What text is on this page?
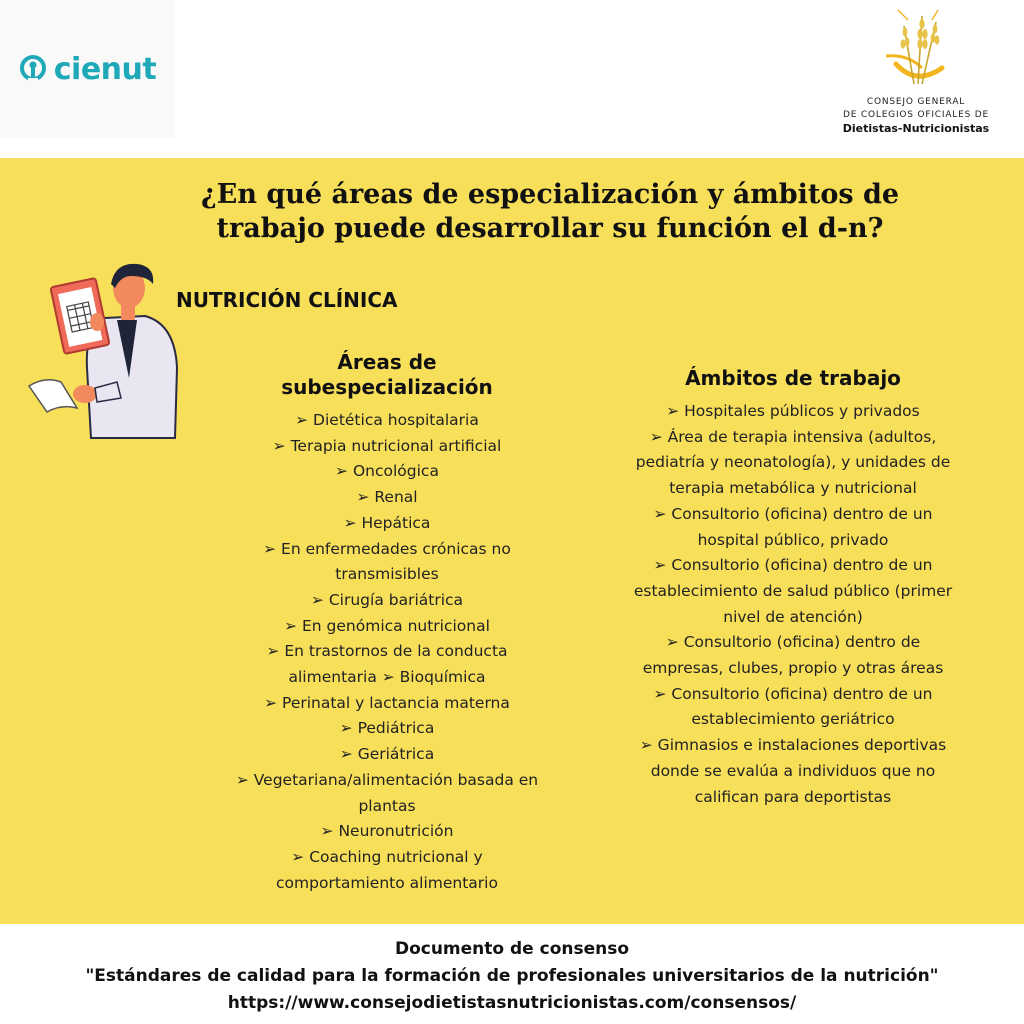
cienut
CONSEJO GENERAL
DE COLEGIOS OFICIALES DE
Dietistas-Nutricionistas
¿En qué áreas de especialización y ámbitos de
trabajo puede desarrollar su función el d-n?
NUTRICIÓN CLÍNICA
Áreas de
subespecialización
➢ Dietética hospitalaria
➢ Terapia nutricional artificial
➢ Oncológica
➢ Renal
➢ Hepática
➢ En enfermedades crónicas no
transmisibles
➢ Cirugía bariátrica
➢ En genómica nutricional
➢ En trastornos de la conducta
alimentaria ➢ Bioquímica
➢ Perinatal y lactancia materna
➢ Pediátrica
➢ Geriátrica
➢ Vegetariana/alimentación basada en
plantas
➢ Neuronutrición
➢ Coaching nutricional y
comportamiento alimentario
Ámbitos de trabajo
➢ Hospitales públicos y privados
➢ Área de terapia intensiva (adultos,
pediatría y neonatología), y unidades de
terapia metabólica y nutricional
➢ Consultorio (oficina) dentro de un
hospital público, privado
➢ Consultorio (oficina) dentro de un
establecimiento de salud público (primer
nivel de atención)
➢ Consultorio (oficina) dentro de
empresas, clubes, propio y otras áreas
➢ Consultorio (oficina) dentro de un
establecimiento geriátrico
➢ Gimnasios e instalaciones deportivas
donde se evalúa a individuos que no
califican para deportistas
Documento de consenso
"Estándares de calidad para la formación de profesionales universitarios de la nutrición"
https://www.consejodietistasnutricionistas.com/consensos/
